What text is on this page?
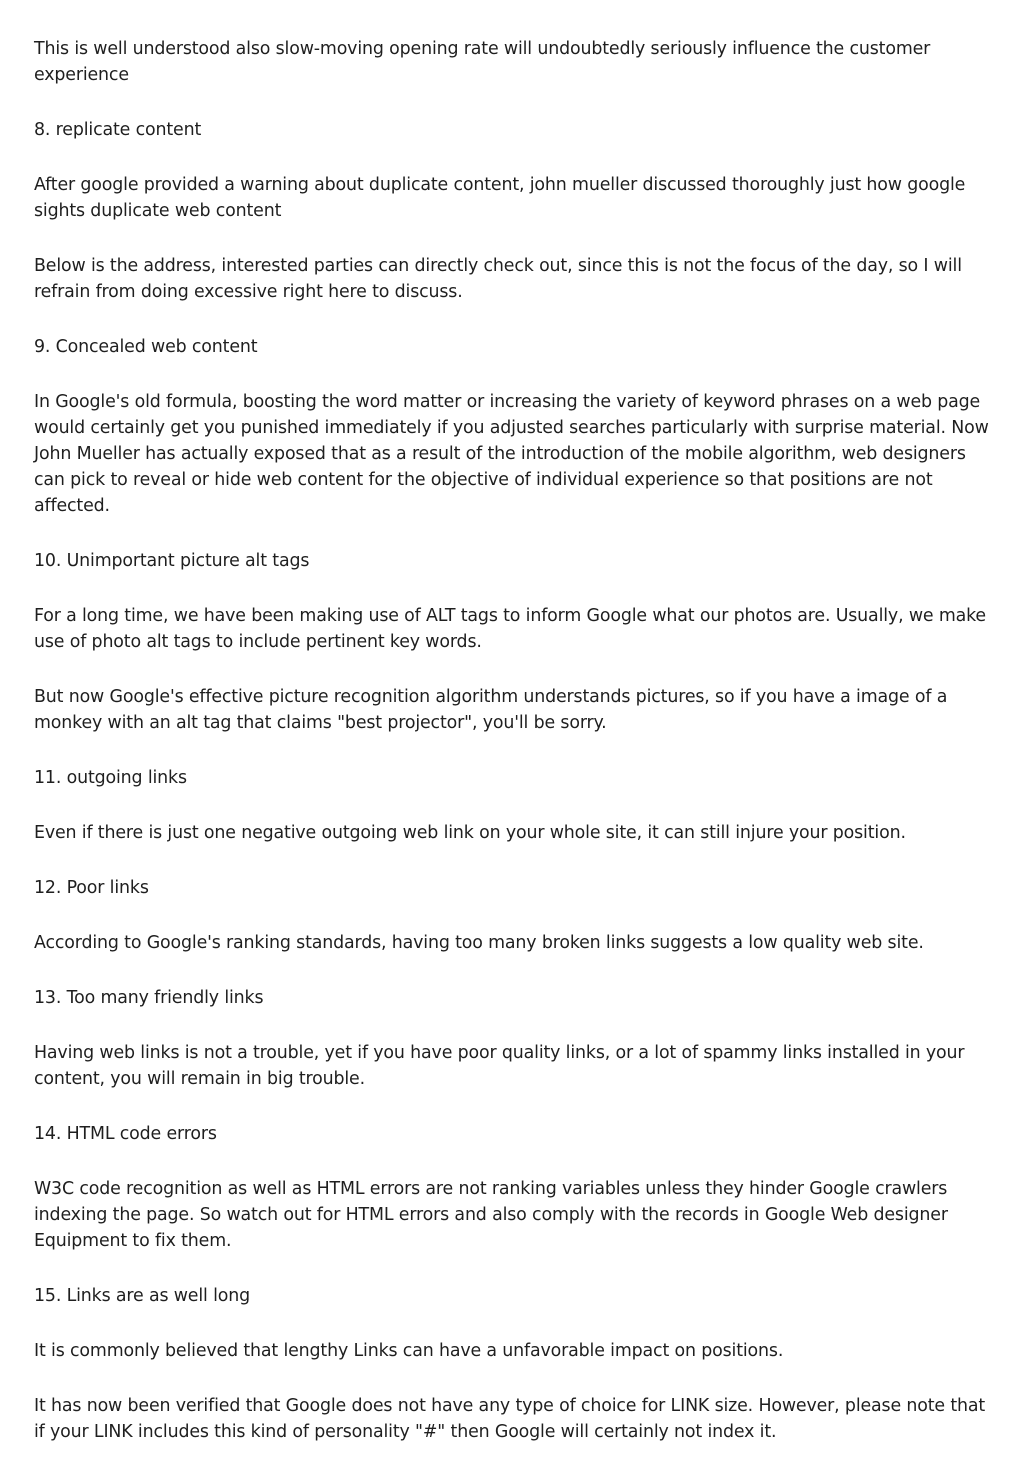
This is well understood also slow-moving opening rate will undoubtedly seriously influence the customer experience

8. replicate content

After google provided a warning about duplicate content, john mueller discussed thoroughly just how google sights duplicate web content

Below is the address, interested parties can directly check out, since this is not the focus of the day, so I will refrain from doing excessive right here to discuss.

9. Concealed web content

In Google's old formula, boosting the word matter or increasing the variety of keyword phrases on a web page would certainly get you punished immediately if you adjusted searches particularly with surprise material. Now John Mueller has actually exposed that as a result of the introduction of the mobile algorithm, web designers can pick to reveal or hide web content for the objective of individual experience so that positions are not affected.

10. Unimportant picture alt tags

For a long time, we have been making use of ALT tags to inform Google what our photos are. Usually, we make use of photo alt tags to include pertinent key words.

But now Google's effective picture recognition algorithm understands pictures, so if you have a image of a monkey with an alt tag that claims "best projector", you'll be sorry.

11. outgoing links

Even if there is just one negative outgoing web link on your whole site, it can still injure your position.

12. Poor links

According to Google's ranking standards, having too many broken links suggests a low quality web site.

13. Too many friendly links

Having web links is not a trouble, yet if you have poor quality links, or a lot of spammy links installed in your content, you will remain in big trouble.

14. HTML code errors

W3C code recognition as well as HTML errors are not ranking variables unless they hinder Google crawlers indexing the page. So watch out for HTML errors and also comply with the records in Google Web designer Equipment to fix them.

15. Links are as well long

It is commonly believed that lengthy Links can have a unfavorable impact on positions.

It has now been verified that Google does not have any type of choice for LINK size. However, please note that if your LINK includes this kind of personality "#" then Google will certainly not index it.
